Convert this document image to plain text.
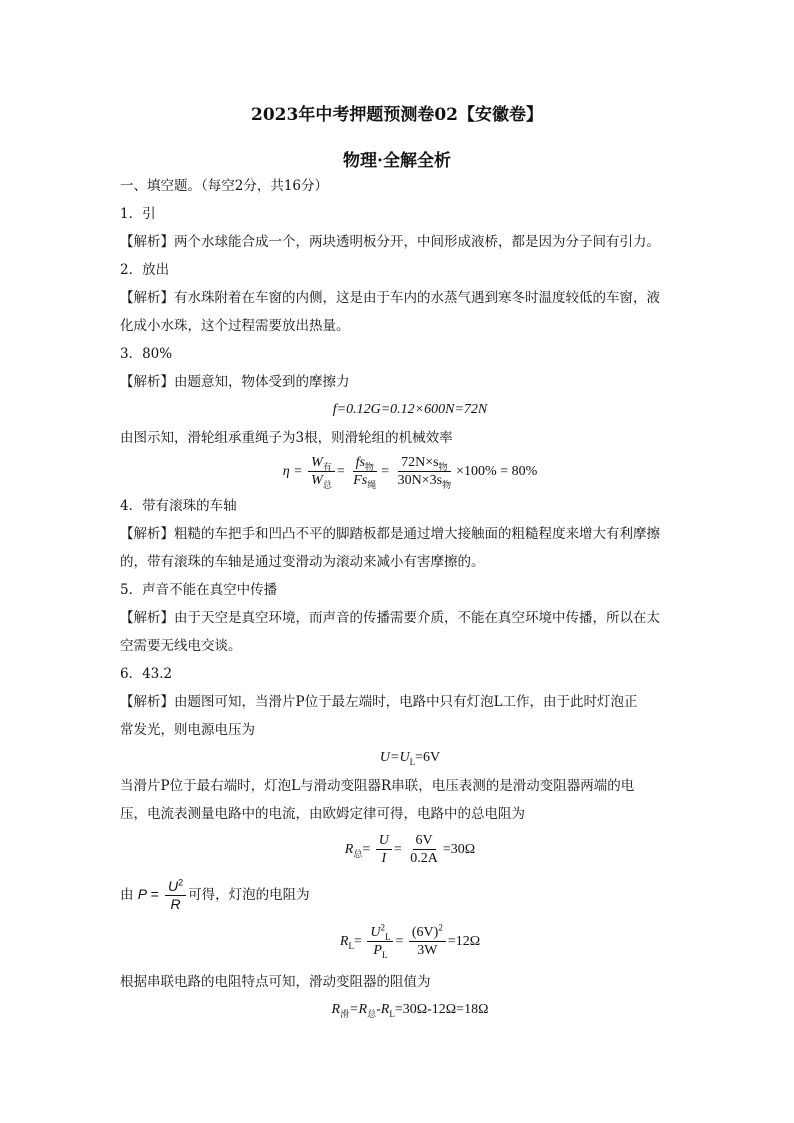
2023年中考押题预测卷02【安徽卷】
物理·全解全析
一、填空题。（每空2分，共16分）
1．引
【解析】两个水球能合成一个，两块透明板分开，中间形成液桥，都是因为分子间有引力。
2．放出
【解析】有水珠附着在车窗的内侧，这是由于车内的水蒸气遇到寒冬时温度较低的车窗，液
化成小水珠，这个过程需要放出热量。
3．80%
【解析】由题意知，物体受到的摩擦力
f=0.12G=0.12×600N=72N
由图示知，滑轮组承重绳子为3根，则滑轮组的机械效率
$\eta = \frac{W_有}{W_总} = \frac{fs_物}{Fs_绳} = \frac{72N\times s_物}{30N\times 3s_物} \times 100\% = 80\%$
4．带有滚珠的车轴
【解析】粗糙的车把手和凹凸不平的脚踏板都是通过增大接触面的粗糙程度来增大有利摩擦
的，带有滚珠的车轴是通过变滑动为滚动来减小有害摩擦的。
5．声音不能在真空中传播
【解析】由于天空是真空环境，而声音的传播需要介质，不能在真空环境中传播，所以在太
空需要无线电交谈。
6．43.2
【解析】由题图可知，当滑片P位于最左端时，电路中只有灯泡L工作，由于此时灯泡正
常发光，则电源电压为
$U=U_L=6V$
当滑片P位于最右端时，灯泡L与滑动变阻器R串联，电压表测的是滑动变阻器两端的电
压，电流表测量电路中的电流，由欧姆定律可得，电路中的总电阻为
$R_总= \frac{U}{I} = \frac{6V}{0.2A} =30\Omega$
由 $P = \frac{U^2}{R}$ 可得，灯泡的电阻为
$R_L= \frac{U^2_L}{P_L} = \frac{(6V)^2}{3W} =12\Omega$
根据串联电路的电阻特点可知，滑动变阻器的阻值为
$R_滑=R_总-R_L=30\Omega-12\Omega=18\Omega$
